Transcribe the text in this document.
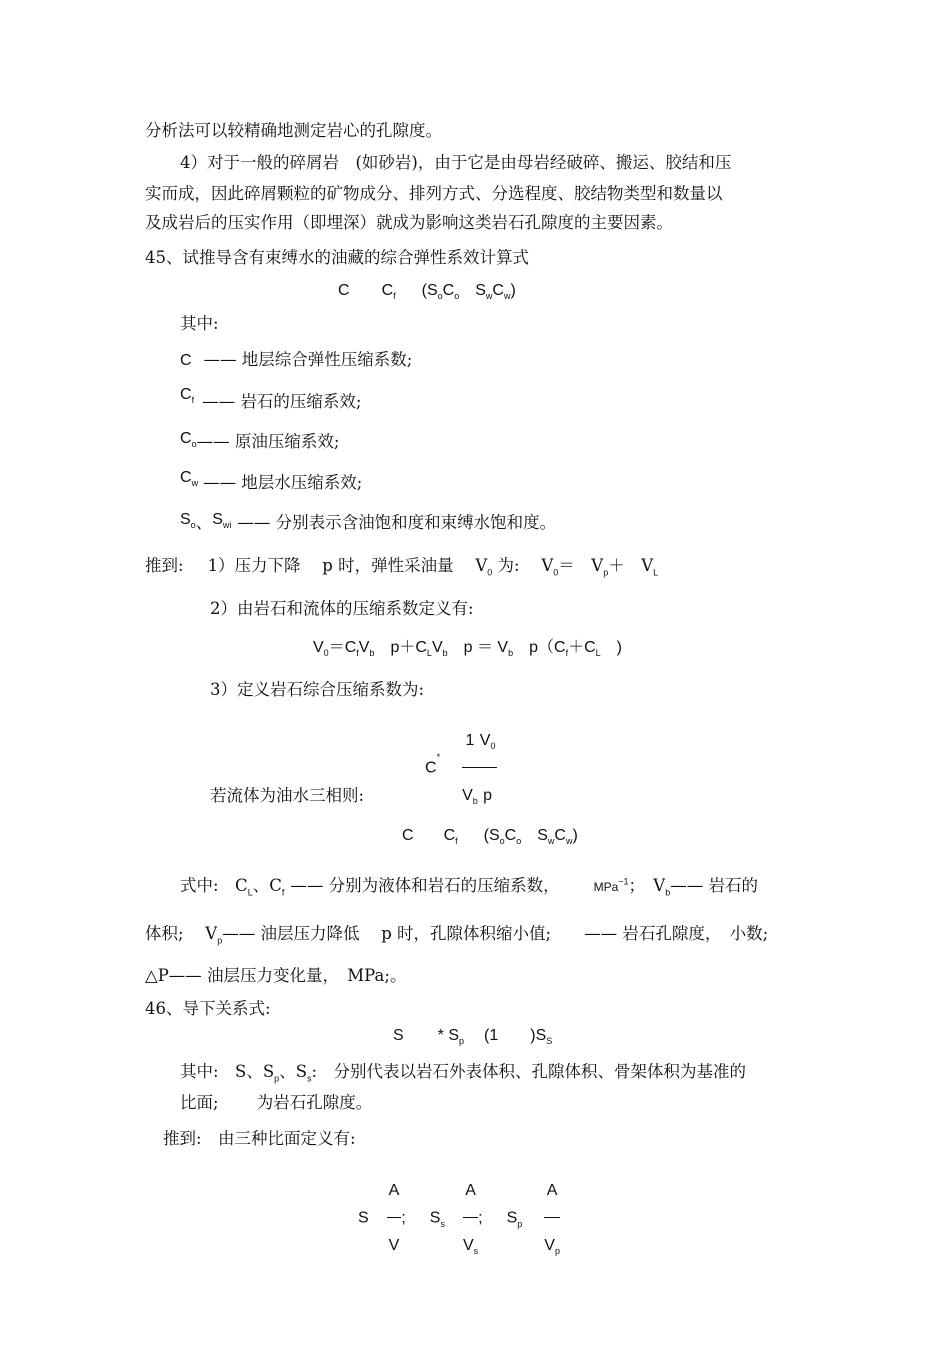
分析法可以较精确地测定岩心的孔隙度。
4）对于一般的碎屑岩　(如砂岩)，由于它是由母岩经破碎、搬运、胶结和压
实而成，因此碎屑颗粒的矿物成分、排列方式、分选程度、胶结物类型和数量以
及成岩后的压实作用（即埋深）就成为影响这类岩石孔隙度的主要因素。
45、试推导含有束缚水的油藏的综合弹性系效计算式
C $C_f$ ($S_oC_o$ $S_wC_w$)
其中:
C —— 地层综合弹性压缩系数;
$C_f$ —— 岩石的压缩系效;
$C_o——$ 原油压缩系效;
$C_w$ —— 地层水压缩系效;
$S_o$、$S_{wi}$ —— 分别表示含油饱和度和束缚水饱和度。
推到: 1）压力下降　 p 时，弹性采油量　 $V_0$ 为:　 $V_0=$　$V_p+$　$V_L$
2）由岩石和流体的压缩系数定义有:
$V_0=C_fV_b$　$p+C_LV_b$　$p = V_b$　$p(C_f+C_L$　)
3）定义岩石综合压缩系数为:
$C^* \frac{1}{V_b} \frac{V_0}{p}$
若流体为油水三相则:
C $C_f$ ($S_oC_o$ $S_wC_w$)
式中:　$C_L$、$C_f$ —— 分别为液体和岩石的压缩系数，	MPa$^{-1}$；　$V_b——$ 岩石的
体积;　 $V_p——$ 油层压力降低　 p 时，孔隙体积缩小值;　　—— 岩石孔隙度，　小数;
△P—— 油层压力变化量，　MPa;。
46、导下关系式:
S * $S_p$ (1　　)$S_S$
其中:　S、$S_p$、$S_s$:　分别代表以岩石外表体积、孔隙体积、骨架体积为基准的
比面;　　 为岩石孔隙度。
推到:　由三种比面定义有:
S $\frac{A}{V}$ ; $S_s \frac{A}{V_s}$ ; $S_p \frac{A}{V_p}$
